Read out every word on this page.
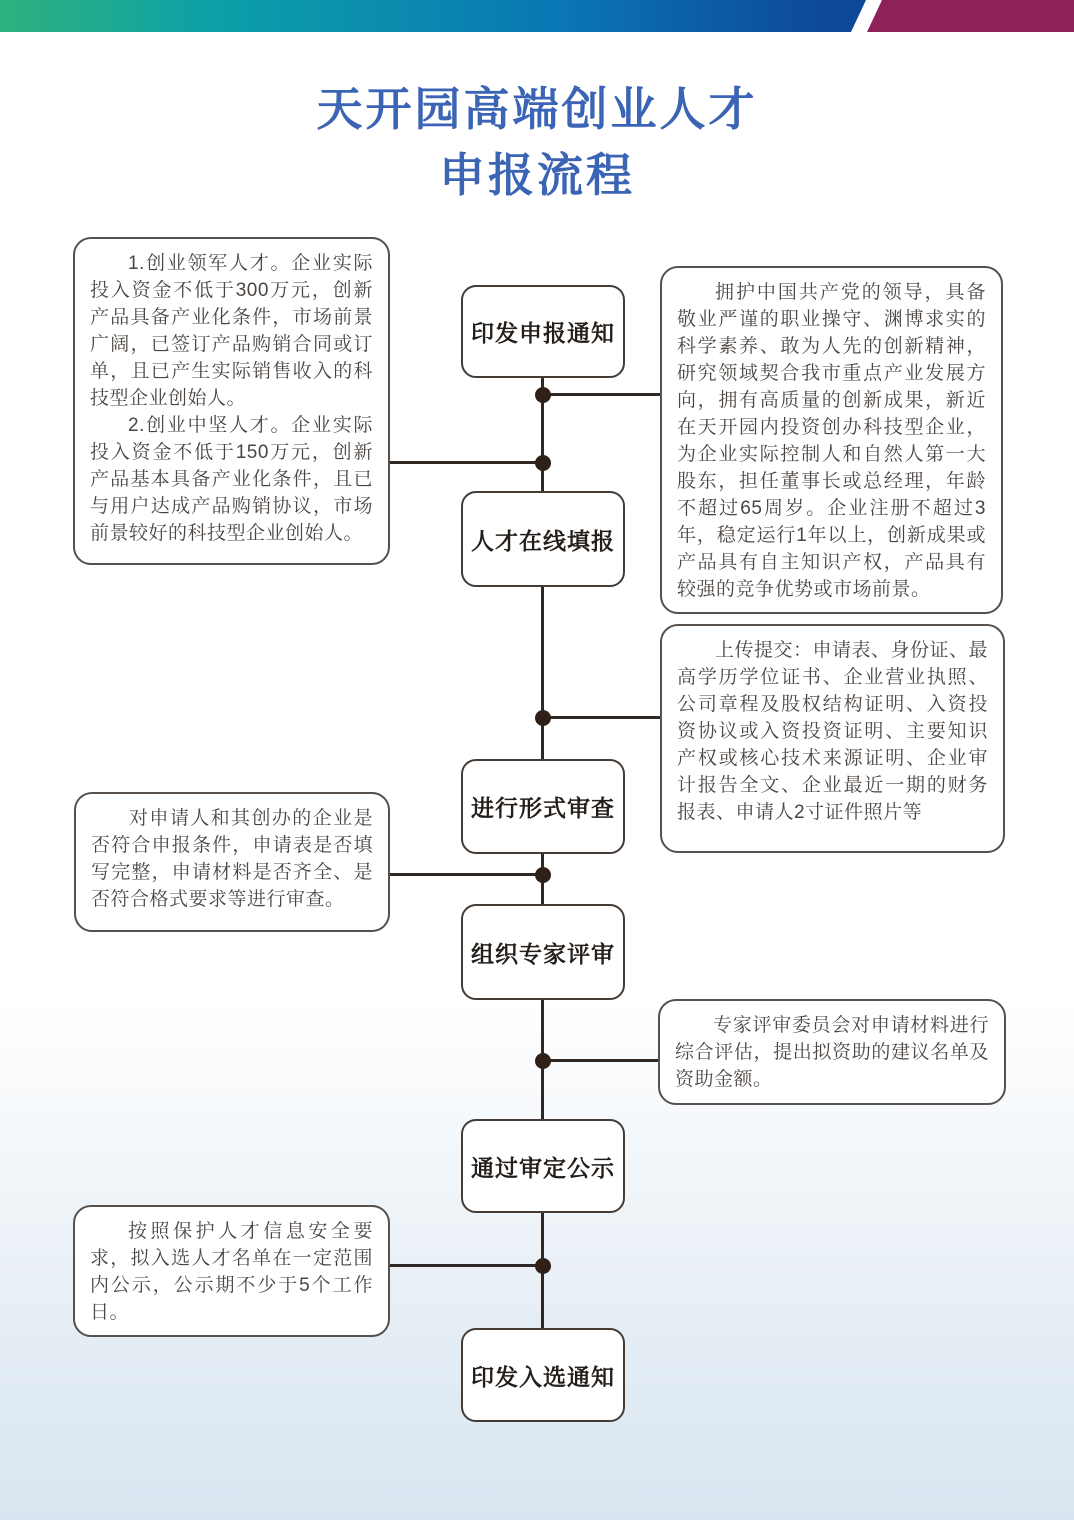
天开园高端创业人才
申报流程
印发申报通知
人才在线填报
进行形式审查
组织专家评审
通过审定公示
印发入选通知

1.创业领军人才。企业实际投入资金不低于300万元，创新产品具备产业化条件，市场前景广阔，已签订产品购销合同或订单，且已产生实际销售收入的科技型企业创始人。

2.创业中坚人才。企业实际投入资金不低于150万元，创新产品基本具备产业化条件，且已与用户达成产品购销协议，市场前景较好的科技型企业创始人。

拥护中国共产党的领导，具备敬业严谨的职业操守、渊博求实的科学素养、敢为人先的创新精神，研究领域契合我市重点产业发展方向，拥有高质量的创新成果，新近在天开园内投资创办科技型企业，为企业实际控制人和自然人第一大股东，担任董事长或总经理，年龄不超过65周岁。企业注册不超过3年，稳定运行1年以上，创新成果或产品具有自主知识产权，产品具有较强的竞争优势或市场前景。

上传提交：申请表、身份证、最高学历学位证书、企业营业执照、公司章程及股权结构证明、入资投资协议或入资投资证明、主要知识产权或核心技术来源证明、企业审计报告全文、企业最近一期的财务报表、申请人2寸证件照片等

对申请人和其创办的企业是否符合申报条件，申请表是否填写完整，申请材料是否齐全、是否符合格式要求等进行审查。

专家评审委员会对申请材料进行综合评估，提出拟资助的建议名单及资助金额。

按照保护人才信息安全要求，拟入选人才名单在一定范围内公示，公示期不少于5个工作日。
